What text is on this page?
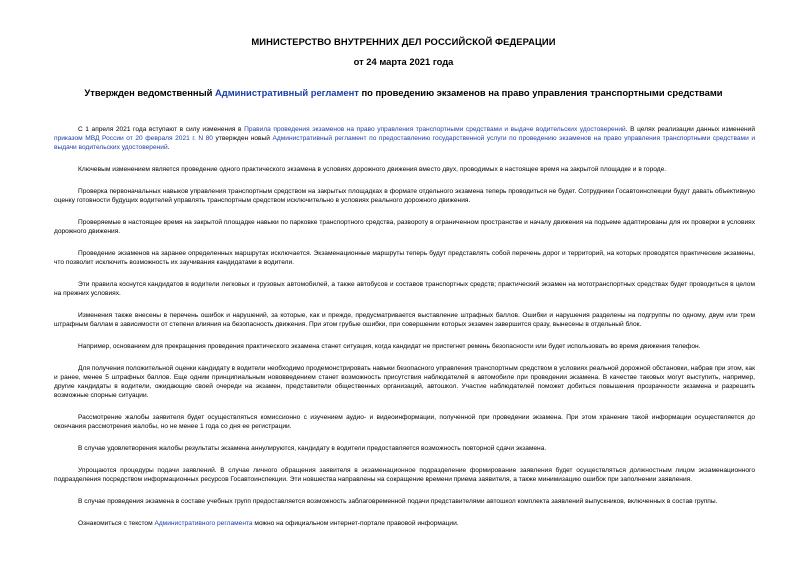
МИНИСТЕРСТВО ВНУТРЕННИХ ДЕЛ РОССИЙСКОЙ ФЕДЕРАЦИИ
от 24 марта 2021 года
Утвержден ведомственный Административный регламент по проведению экзаменов на право управления транспортными средствами

С 1 апреля 2021 года вступают в силу изменения в Правила проведения экзаменов на право управления транспортными средствами и выдаче водительских удостоверений. В целях реализации данных изменений приказом МВД России от 20 февраля 2021 г. N 80 утвержден новый Административный регламент по предоставлению государственной услуги по проведению экзаменов на право управления транспортными средствами и выдачи водительских удостоверений.

Ключевым изменением является проведение одного практического экзамена в условиях дорожного движения вместо двух, проводимых в настоящее время на закрытой площадке и в городе.

Проверка первоначальных навыков управления транспортным средством на закрытых площадках в формате отдельного экзамена теперь проводиться не будет. Сотрудники Госавтоинспекции будут давать объективную оценку готовности будущих водителей управлять транспортным средством исключительно в условиях реального дорожного движения.

Проверяемые в настоящее время на закрытой площадке навыки по парковке транспортного средства, развороту в ограниченном пространстве и началу движения на подъеме адаптированы для их проверки в условиях дорожного движения.

Проведение экзаменов на заранее определенных маршрутах исключается. Экзаменационные маршруты теперь будут представлять собой перечень дорог и территорий, на которых проводятся практические экзамены, что позволит исключить возможность их заучивания кандидатами в водители.

Эти правила коснутся кандидатов в водители легковых и грузовых автомобилей, а также автобусов и составов транспортных средств; практический экзамен на мототранспортных средствах будет проводиться в целом на прежних условиях.

Изменения также внесены в перечень ошибок и нарушений, за которые, как и прежде, предусматривается выставление штрафных баллов. Ошибки и нарушения разделены на подгруппы по одному, двум или трем штрафным баллам в зависимости от степени влияния на безопасность движения. При этом грубые ошибки, при совершении которых экзамен завершится сразу, вынесены в отдельный блок.

Например, основанием для прекращения проведения практического экзамена станет ситуация, когда кандидат не пристегнет ремень безопасности или будет использовать во время движения телефон.

Для получения положительной оценки кандидату в водители необходимо продемонстрировать навыки безопасного управления транспортным средством в условиях реальной дорожной обстановки, набрав при этом, как и ранее, менее 5 штрафных баллов. Еще одним принципиальным нововведением станет возможность присутствия наблюдателей в автомобиле при проведении экзамена. В качестве таковых могут выступить, например, другие кандидаты в водители, ожидающие своей очереди на экзамен, представители общественных организаций, автошкол. Участие наблюдателей поможет добиться повышения прозрачности экзамена и разрешить возможные спорные ситуации.

Рассмотрение жалобы заявителя будет осуществляться комиссионно с изучением аудио- и видеоинформации, полученной при проведении экзамена. При этом хранение такой информации осуществляется до окончания рассмотрения жалобы, но не менее 1 года со дня ее регистрации.

В случае удовлетворения жалобы результаты экзамена аннулируются, кандидату в водители предоставляется возможность повторной сдачи экзамена.

Упрощаются процедуры подачи заявлений. В случае личного обращения заявителя в экзаменационное подразделение формирование заявления будет осуществляться должностным лицом экзаменационного подразделения посредством информационных ресурсов Госавтоинспекции. Эти новшества направлены на сокращение времени приема заявителя, а также минимизацию ошибок при заполнении заявления.

В случае проведения экзамена в составе учебных групп предоставляется возможность заблаговременной подачи представителями автошкол комплекта заявлений выпускников, включенных в состав группы.

Ознакомиться с текстом Административного регламента можно на официальном интернет-портале правовой информации.
